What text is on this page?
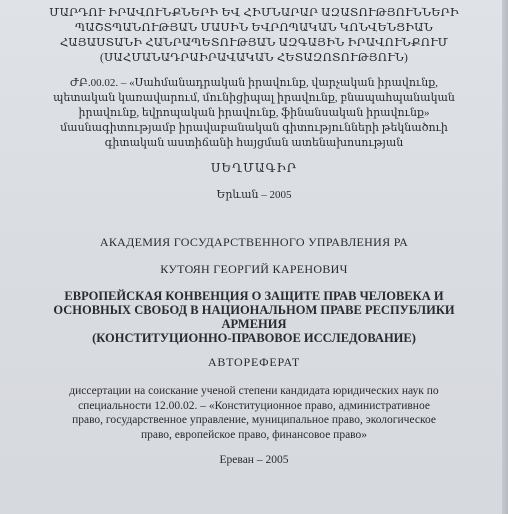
ՄԱՐԴՈՒ ԻՐԱՎՈՒՆՔՆԵՐԻ ԵՎ ՀԻՄՆԱՐԱՐ ԱԶԱՏՈՒԹՅՈՒՆՆԵՐԻ
ՊԱՇՏՊԱՆՈՒԹՅԱՆ ՄԱՍԻՆ ԵՎՐՈՊԱԿԱՆ ԿՈՆՎԵՆՑԻԱՆ
ՀԱՅԱՍՏԱՆԻ ՀԱՆՐԱՊԵՏՈՒԹՅԱՆ ԱԶԳԱՅԻՆ ԻՐԱՎՈՒՆՔՈՒՄ
(ՍԱՀՄԱՆԱԴՐԱԻՐԱՎԱԿԱՆ ՀԵՏԱԶՈՏՈՒԹՅՈՒՆ)
ԺԲ.00.02. – «Սահմանադրական իրավունք, վարչական իրավունք,
պետական կառավարում, մունիցիպալ իրավունք, բնապահպանական
իրավունք, եվրոպական իրավունք, ֆինանսական իրավունք»
մասնագիտությամբ իրավաբանական գիտությունների թեկնածուի
գիտական աստիճանի հայցման ատենախոսության
ՍԵՂՄԱԳԻՐ
Երևան – 2005
АКАДЕМИЯ ГОСУДАРСТВЕННОГО УПРАВЛЕНИЯ РА
КУТОЯН ГЕОРГИЙ КАРЕНОВИЧ
ЕВРОПЕЙСКАЯ КОНВЕНЦИЯ О ЗАЩИТЕ ПРАВ ЧЕЛОВЕКА И
ОСНОВНЫХ СВОБОД В НАЦИОНАЛЬНОМ ПРАВЕ РЕСПУБЛИКИ
АРМЕНИЯ
(КОНСТИТУЦИОННО-ПРАВОВОЕ ИССЛЕДОВАНИЕ)
АВТОРЕФЕРАТ
диссертации на соискание ученой степени кандидата юридических наук по
специальности 12.00.02. – «Конституционное право, административное
право, государственное управление, муниципальное право, экологическое
право, европейское право, финансовое право»
Ереван – 2005
